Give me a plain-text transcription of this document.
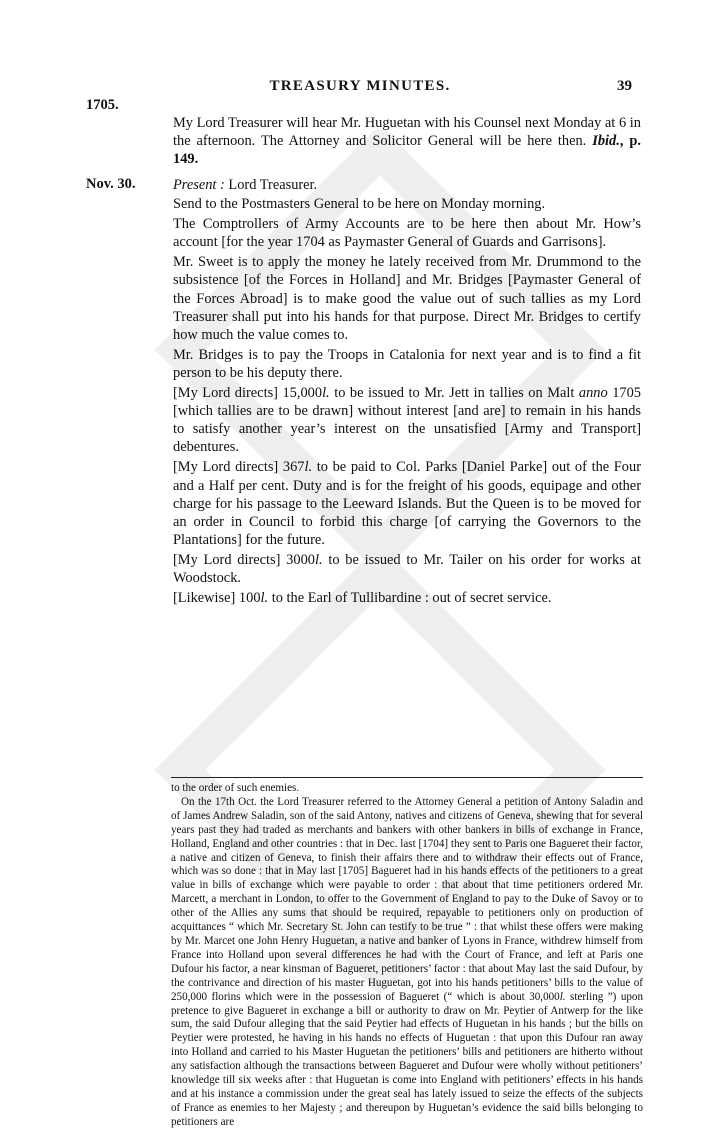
TREASURY MINUTES.	39
1705.
Nov. 30.

My Lord Treasurer will hear Mr. Huguetan with his Counsel next Monday at 6 in the afternoon. The Attorney and Solicitor General will be here then. Ibid., p. 149.

Present : Lord Treasurer.

Send to the Postmasters General to be here on Monday morning.

The Comptrollers of Army Accounts are to be here then about Mr. How’s account [for the year 1704 as Paymaster General of Guards and Garrisons].

Mr. Sweet is to apply the money he lately received from Mr. Drummond to the subsistence [of the Forces in Holland] and Mr. Bridges [Paymaster General of the Forces Abroad] is to make good the value out of such tallies as my Lord Treasurer shall put into his hands for that purpose. Direct Mr. Bridges to certify how much the value comes to.

Mr. Bridges is to pay the Troops in Catalonia for next year and is to find a fit person to be his deputy there.

[My Lord directs] 15,000l. to be issued to Mr. Jett in tallies on Malt anno 1705 [which tallies are to be drawn] without interest [and are] to remain in his hands to satisfy another year’s interest on the unsatisfied [Army and Transport] debentures.

[My Lord directs] 367l. to be paid to Col. Parks [Daniel Parke] out of the Four and a Half per cent. Duty and is for the freight of his goods, equipage and other charge for his passage to the Leeward Islands. But the Queen is to be moved for an order in Council to forbid this charge [of carrying the Governors to the Plantations] for the future.

[My Lord directs] 3000l. to be issued to Mr. Tailer on his order for works at Woodstock.

[Likewise] 100l. to the Earl of Tullibardine : out of secret service.

to the order of such enemies.

On the 17th Oct. the Lord Treasurer referred to the Attorney General a petition of Antony Saladin and of James Andrew Saladin, son of the said Antony, natives and citizens of Geneva, shewing that for several years past they had traded as merchants and bankers with other bankers in bills of exchange in France, Holland, England and other countries : that in Dec. last [1704] they sent to Paris one Bagueret their factor, a native and citizen of Geneva, to finish their affairs there and to withdraw their effects out of France, which was so done : that in May last [1705] Bagueret had in his hands effects of the petitioners to a great value in bills of exchange which were payable to order : that about that time petitioners ordered Mr. Marcett, a merchant in London, to offer to the Government of England to pay to the Duke of Savoy or to other of the Allies any sums that should be required, repayable to petitioners only on production of acquittances “ which Mr. Secretary St. John can testify to be true ” : that whilst these offers were making by Mr. Marcet one John Henry Huguetan, a native and banker of Lyons in France, withdrew himself from France into Holland upon several differences he had with the Court of France, and left at Paris one Dufour his factor, a near kinsman of Bagueret, petitioners’ factor : that about May last the said Dufour, by the contrivance and direction of his master Huguetan, got into his hands petitioners’ bills to the value of 250,000 florins which were in the possession of Bagueret (“ which is about 30,000l. sterling ”) upon pretence to give Bagueret in exchange a bill or authority to draw on Mr. Peytier of Antwerp for the like sum, the said Dufour alleging that the said Peytier had effects of Huguetan in his hands ; but the bills on Peytier were protested, he having in his hands no effects of Huguetan : that upon this Dufour ran away into Holland and carried to his Master Huguetan the petitioners’ bills and petitioners are hitherto without any satisfaction although the transactions between Bagueret and Dufour were wholly without petitioners’ knowledge till six weeks after : that Huguetan is come into England with petitioners’ effects in his hands and at his instance a commission under the great seal has lately issued to seize the effects of the subjects of France as enemies to her Majesty ; and thereupon by Huguetan’s evidence the said bills belonging to petitioners are
